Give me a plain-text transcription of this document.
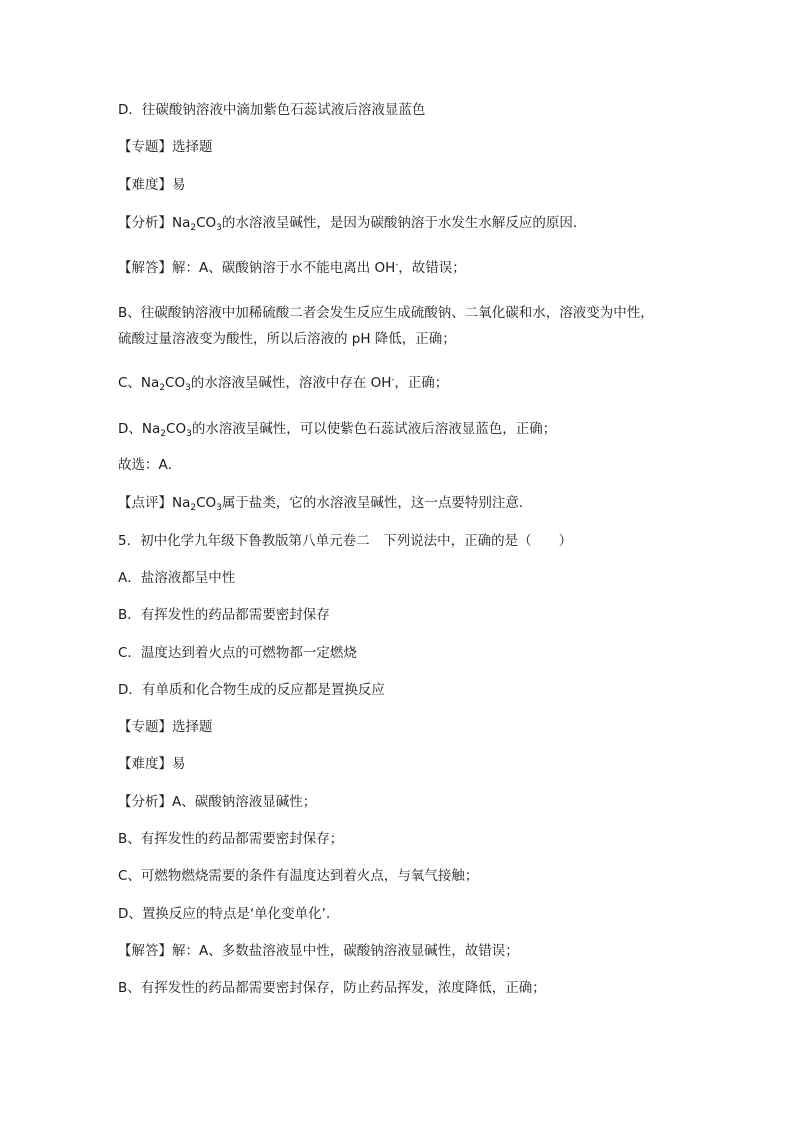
D．往碳酸钠溶液中滴加紫色石蕊试液后溶液显蓝色
【专题】选择题
【难度】易
【分析】$Na_2CO_3$的水溶液呈碱性，是因为碳酸钠溶于水发生水解反应的原因．
【解答】解：A、碳酸钠溶于水不能电离出 OH-，故错误；
B、往碳酸钠溶液中加稀硫酸二者会发生反应生成硫酸钠、二氧化碳和水，溶液变为中性，
硫酸过量溶液变为酸性，所以后溶液的 pH 降低，正确；
C、$Na_2CO_3$的水溶液呈碱性，溶液中存在 OH-，正确；
D、$Na_2CO_3$的水溶液呈碱性，可以使紫色石蕊试液后溶液显蓝色，正确；
故选：A．
【点评】$Na_2CO_3$属于盐类，它的水溶液呈碱性，这一点要特别注意．
5．初中化学九年级下鲁教版第八单元卷二　下列说法中，正确的是（　　）
A．盐溶液都呈中性
B．有挥发性的药品都需要密封保存
C．温度达到着火点的可燃物都一定燃烧
D．有单质和化合物生成的反应都是置换反应
【专题】选择题
【难度】易
【分析】A、碳酸钠溶液显碱性；
B、有挥发性的药品都需要密封保存；
C、可燃物燃烧需要的条件有温度达到着火点，与氧气接触；
D、置换反应的特点是‘单化变单化’．
【解答】解：A、多数盐溶液显中性，碳酸钠溶液显碱性，故错误；
B、有挥发性的药品都需要密封保存，防止药品挥发，浓度降低，正确；
